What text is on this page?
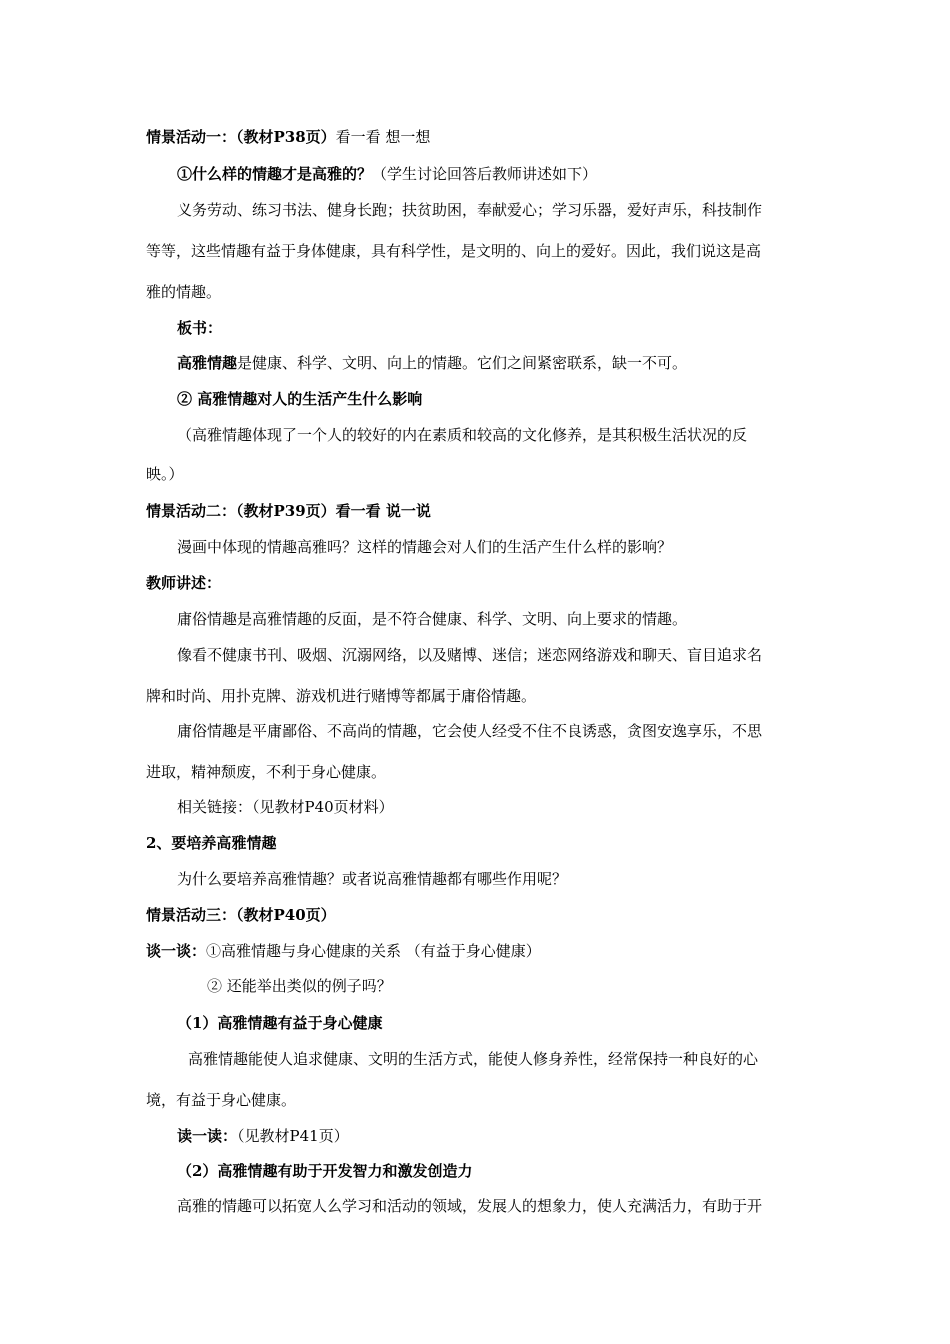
情景活动一：（教材P38页）看一看 想一想
①什么样的情趣才是高雅的？（学生讨论回答后教师讲述如下）
义务劳动、练习书法、健身长跑；扶贫助困，奉献爱心；学习乐器，爱好声乐，科技制作
等等，这些情趣有益于身体健康，具有科学性，是文明的、向上的爱好。因此，我们说这是高
雅的情趣。
板书：
高雅情趣是健康、科学、文明、向上的情趣。它们之间紧密联系，缺一不可。
② 高雅情趣对人的生活产生什么影响
（高雅情趣体现了一个人的较好的内在素质和较高的文化修养，是其积极生活状况的反
映。）
情景活动二：（教材P39页）看一看 说一说
漫画中体现的情趣高雅吗？这样的情趣会对人们的生活产生什么样的影响？
教师讲述：
庸俗情趣是高雅情趣的反面，是不符合健康、科学、文明、向上要求的情趣。
像看不健康书刊、吸烟、沉溺网络，以及赌博、迷信；迷恋网络游戏和聊天、盲目追求名
牌和时尚、用扑克牌、游戏机进行赌博等都属于庸俗情趣。
庸俗情趣是平庸鄙俗、不高尚的情趣，它会使人经受不住不良诱惑，贪图安逸享乐，不思
进取，精神颓废，不利于身心健康。
相关链接：（见教材P40页材料）
2、要培养高雅情趣
为什么要培养高雅情趣？或者说高雅情趣都有哪些作用呢？
情景活动三：（教材P40页）
谈一谈：①高雅情趣与身心健康的关系 （有益于身心健康）
② 还能举出类似的例子吗？
（1）高雅情趣有益于身心健康
高雅情趣能使人追求健康、文明的生活方式，能使人修身养性，经常保持一种良好的心
境，有益于身心健康。
读一读：（见教材P41页）
（2）高雅情趣有助于开发智力和激发创造力
高雅的情趣可以拓宽人么学习和活动的领域，发展人的想象力，使人充满活力，有助于开
